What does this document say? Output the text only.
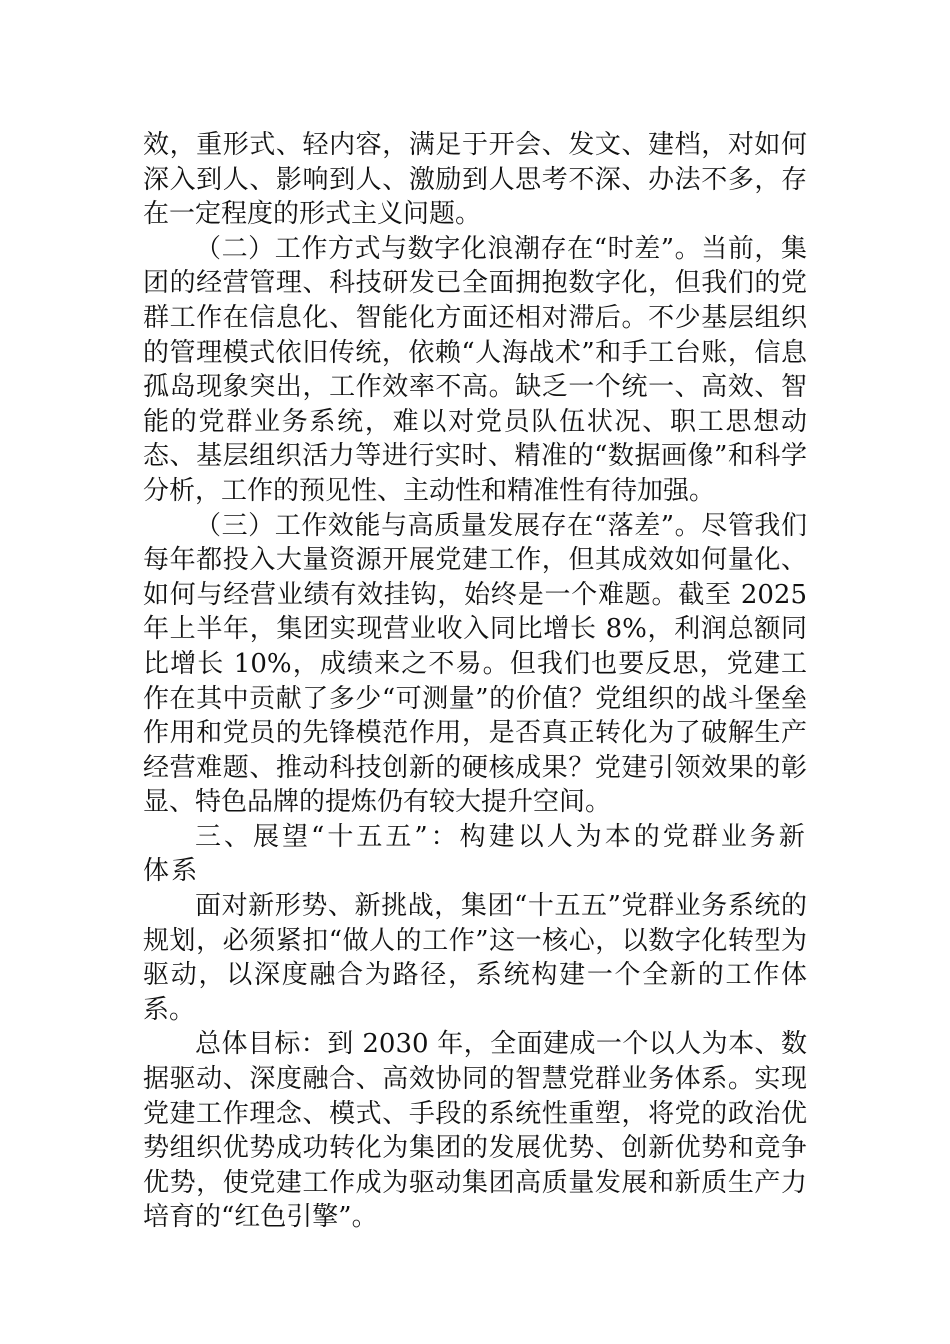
效，重形式、轻内容，满足于开会、发文、建档，对如何深入到人、影响到人、激励到人思考不深、办法不多，存在一定程度的形式主义问题。

（二）工作方式与数字化浪潮存在“时差”。当前，集团的经营管理、科技研发已全面拥抱数字化，但我们的党群工作在信息化、智能化方面还相对滞后。不少基层组织的管理模式依旧传统，依赖“人海战术”和手工台账，信息孤岛现象突出，工作效率不高。缺乏一个统一、高效、智能的党群业务系统，难以对党员队伍状况、职工思想动态、基层组织活力等进行实时、精准的“数据画像”和科学分析，工作的预见性、主动性和精准性有待加强。

（三）工作效能与高质量发展存在“落差”。尽管我们每年都投入大量资源开展党建工作，但其成效如何量化、如何与经营业绩有效挂钩，始终是一个难题。截至 2025 年上半年，集团实现营业收入同比增长 8%，利润总额同比增长 10%，成绩来之不易。但我们也要反思，党建工作在其中贡献了多少“可测量”的价值？党组织的战斗堡垒作用和党员的先锋模范作用，是否真正转化为了破解生产经营难题、推动科技创新的硬核成果？党建引领效果的彰显、特色品牌的提炼仍有较大提升空间。

三、展望“十五五”：构建以人为本的党群业务新体系

面对新形势、新挑战，集团“十五五”党群业务系统的规划，必须紧扣“做人的工作”这一核心，以数字化转型为驱动，以深度融合为路径，系统构建一个全新的工作体系。

总体目标：到 2030 年，全面建成一个以人为本、数据驱动、深度融合、高效协同的智慧党群业务体系。实现党建工作理念、模式、手段的系统性重塑，将党的政治优势组织优势成功转化为集团的发展优势、创新优势和竞争优势，使党建工作成为驱动集团高质量发展和新质生产力培育的“红色引擎”。
